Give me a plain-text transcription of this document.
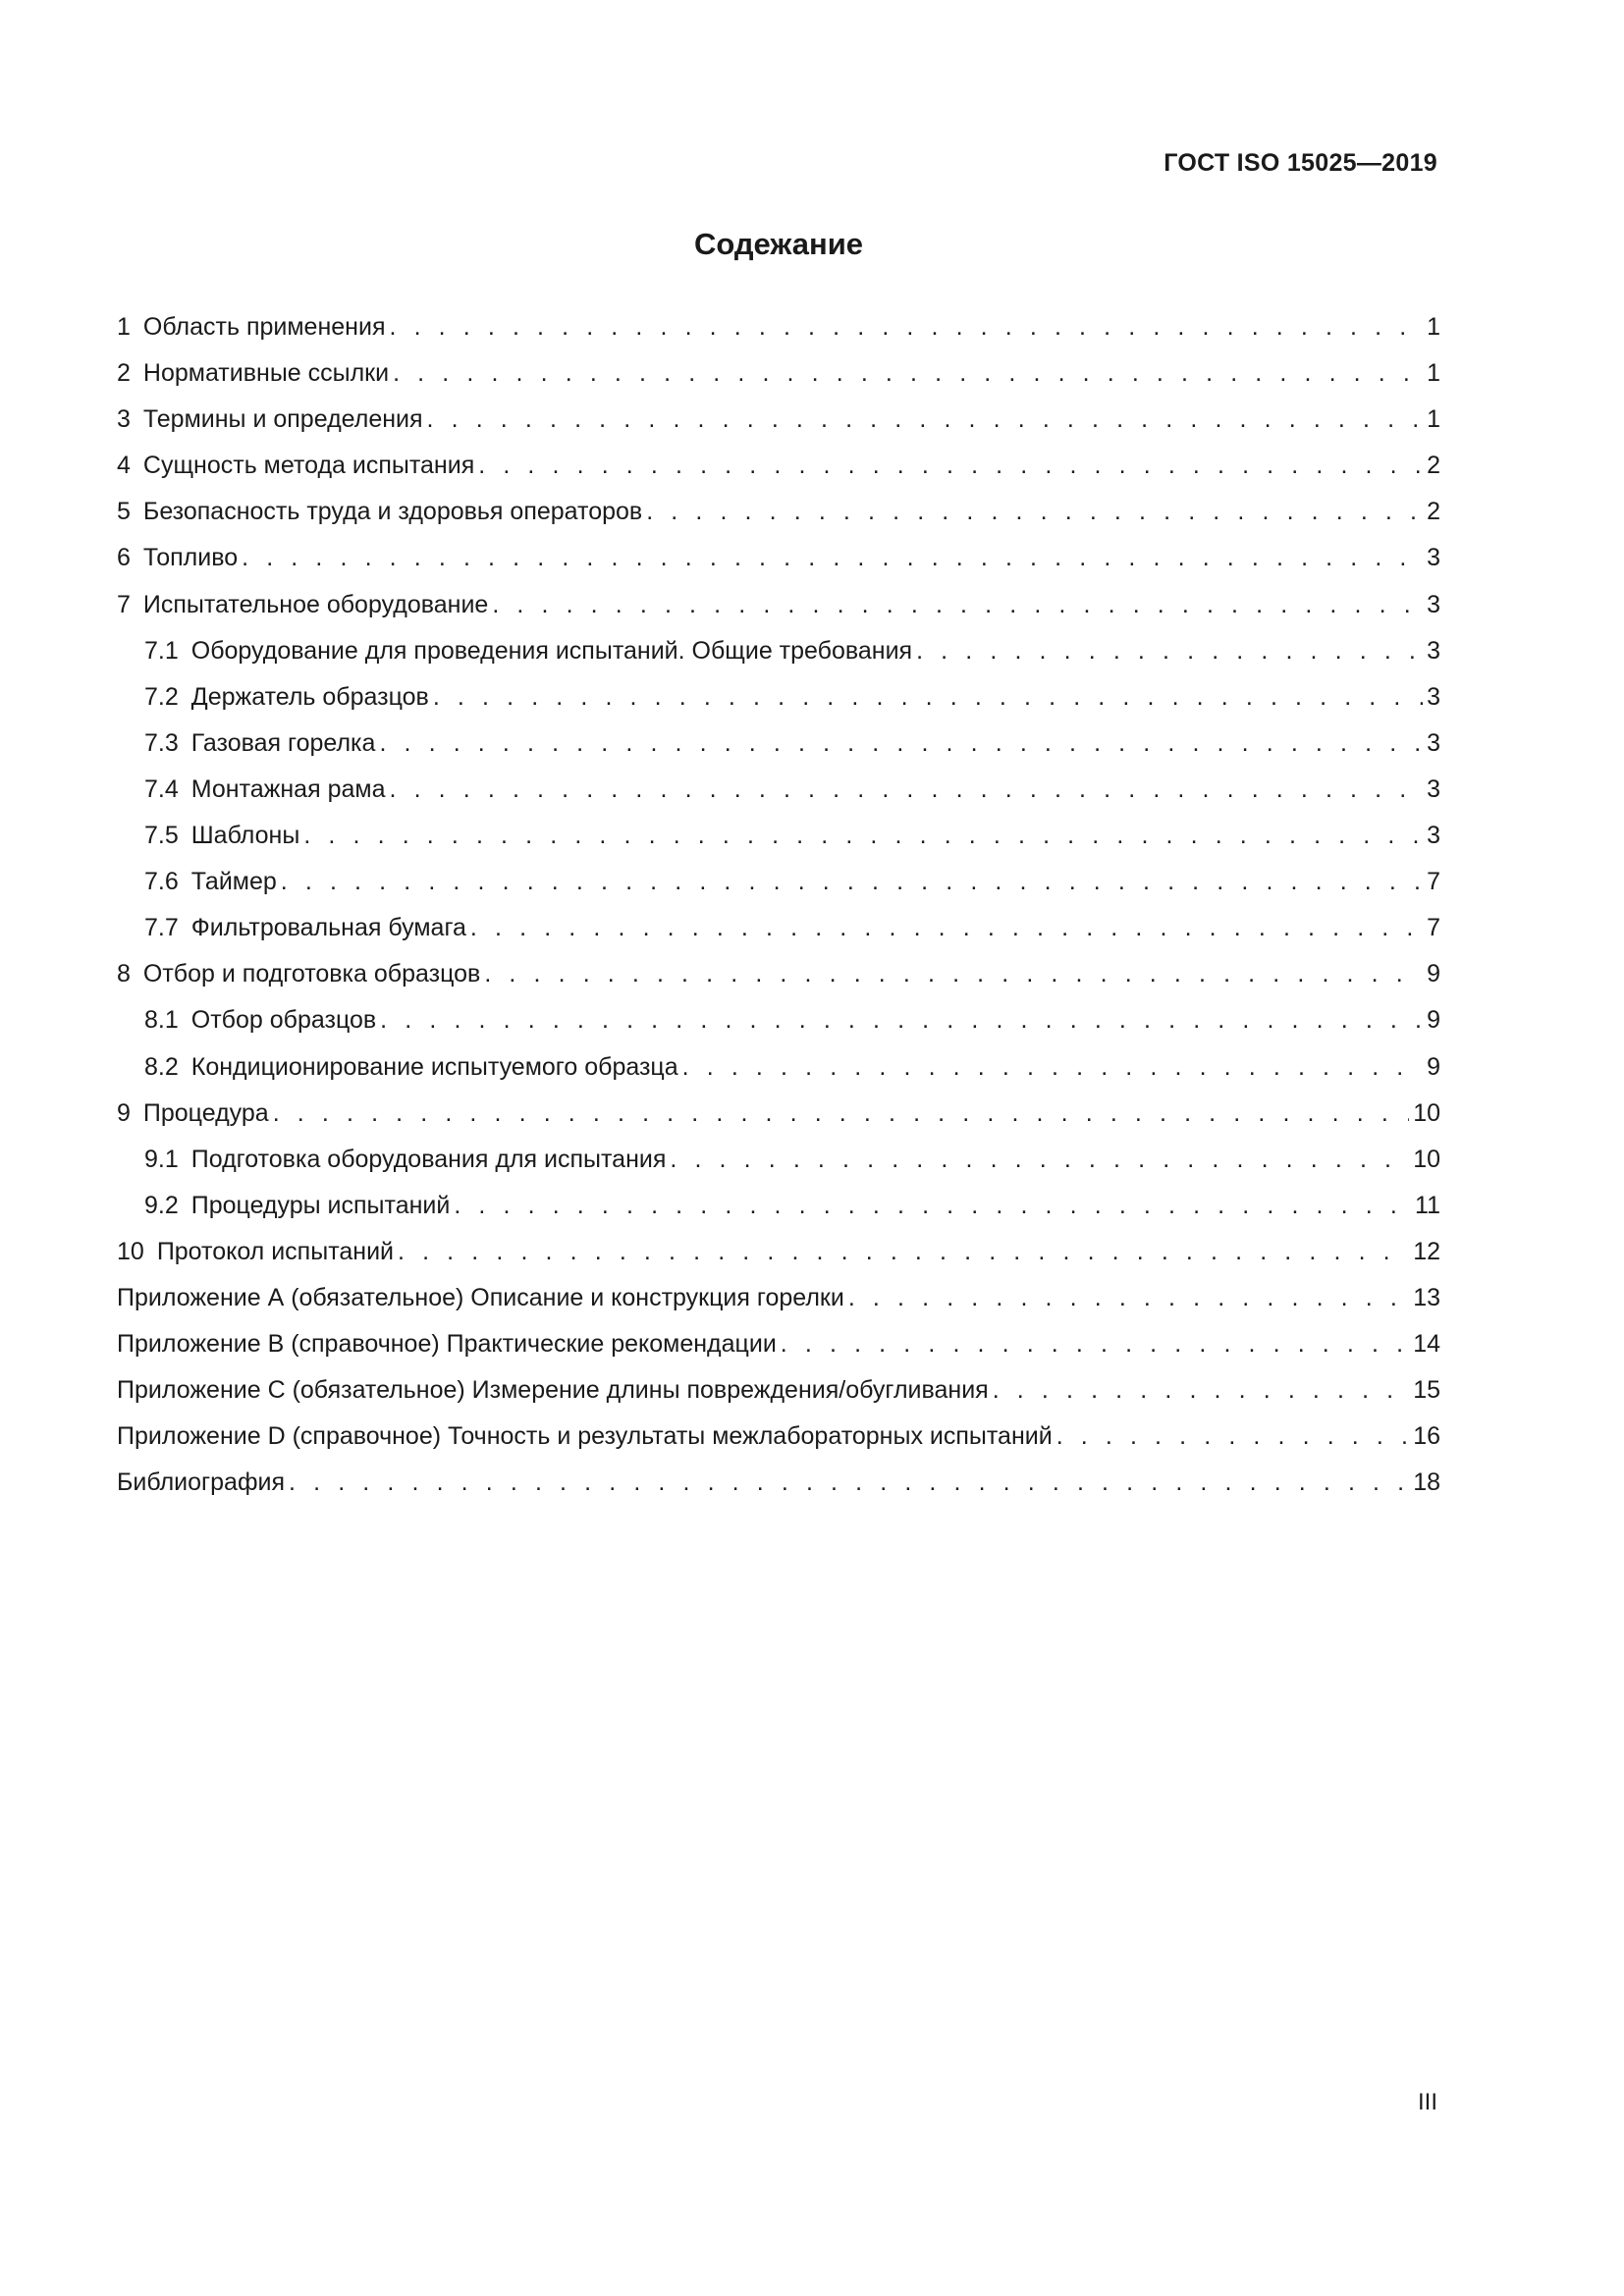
ГОСТ ISO 15025—2019
Содежание
1 Область применения . . .	1
2 Нормативные ссылки . . .	1
3 Термины и определения . . .	1
4 Сущность метода испытания . . .	2
5 Безопасность труда и здоровья операторов . . .	2
6 Топливо . . .	3
7 Испытательное оборудование . . .	3
7.1 Оборудование для проведения испытаний. Общие требования . . .	3
7.2 Держатель образцов . . .	3
7.3 Газовая горелка . . .	3
7.4 Монтажная рама . . .	3
7.5 Шаблоны . . .	3
7.6 Таймер . . .	7
7.7 Фильтровальная бумага . . .	7
8 Отбор и подготовка образцов . . .	9
8.1 Отбор образцов . . .	9
8.2 Кондиционирование испытуемого образца . . .	9
9 Процедура . . .	10
9.1 Подготовка оборудования для испытания . . .	10
9.2 Процедуры испытаний . . .	11
10 Протокол испытаний . . .	12
Приложение А (обязательное) Описание и конструкция горелки . . .	13
Приложение В (справочное) Практические рекомендации . . .	14
Приложение С (обязательное) Измерение длины повреждения/обугливания . . .	15
Приложение D (справочное) Точность и результаты межлабораторных испытаний . . .	16
Библиография . . .	18
III
